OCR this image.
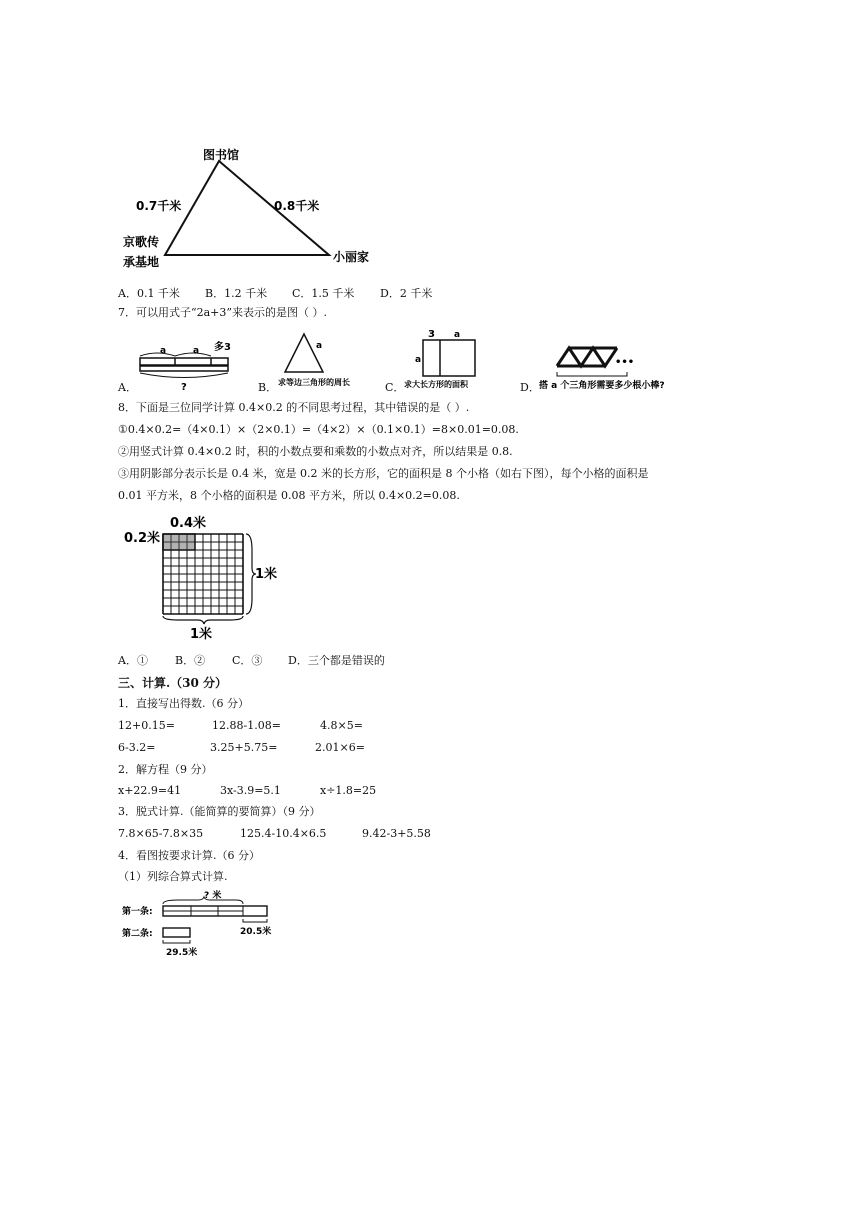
图书馆
0.7千米	0.8千米
京歌传
承基地	小丽家
A．0.1 千米 B．1.2 千米 C．1.5 千米 D．2 千米
7．可以用式子“2a+3”来表示的是图（ ）.
A．
a	a 多3
?	B．
a
求等边三角形的周长	C．
3 a
a
求大长方形的面积	D．
•••
搭 a 个三角形需要多少根小棒?
8．下面是三位同学计算 0.4×0.2 的不同思考过程，其中错误的是（ ）.
①0.4×0.2=（4×0.1）×（2×0.1）=（4×2）×（0.1×0.1）=8×0.01=0.08.
②用竖式计算 0.4×0.2 时，积的小数点要和乘数的小数点对齐，所以结果是 0.8.
③用阴影部分表示长是 0.4 米，宽是 0.2 米的长方形，它的面积是 8 个小格（如右下图），每个小格的面积是
0.01 平方米，8 个小格的面积是 0.08 平方米，所以 0.4×0.2=0.08.
0.4米
0.2米
1米
1米
A．① B．② C．③ D．三个都是错误的
三、计算.（30 分）
1．直接写出得数.（6 分）
12+0.15=	12.88-1.08=	4.8×5=
6-3.2=	3.25+5.75=	2.01×6=
2．解方程（9 分）
x+22.9=41	3x-3.9=5.1	x÷1.8=25
3．脱式计算.（能简算的要简算）（9 分）
7.8×65-7.8×35	125.4-10.4×6.5	9.42-3+5.58
4．看图按要求计算.（6 分）
（1）列综合算式计算.
? 米
第一条:
20.5米
第二条:
29.5米
